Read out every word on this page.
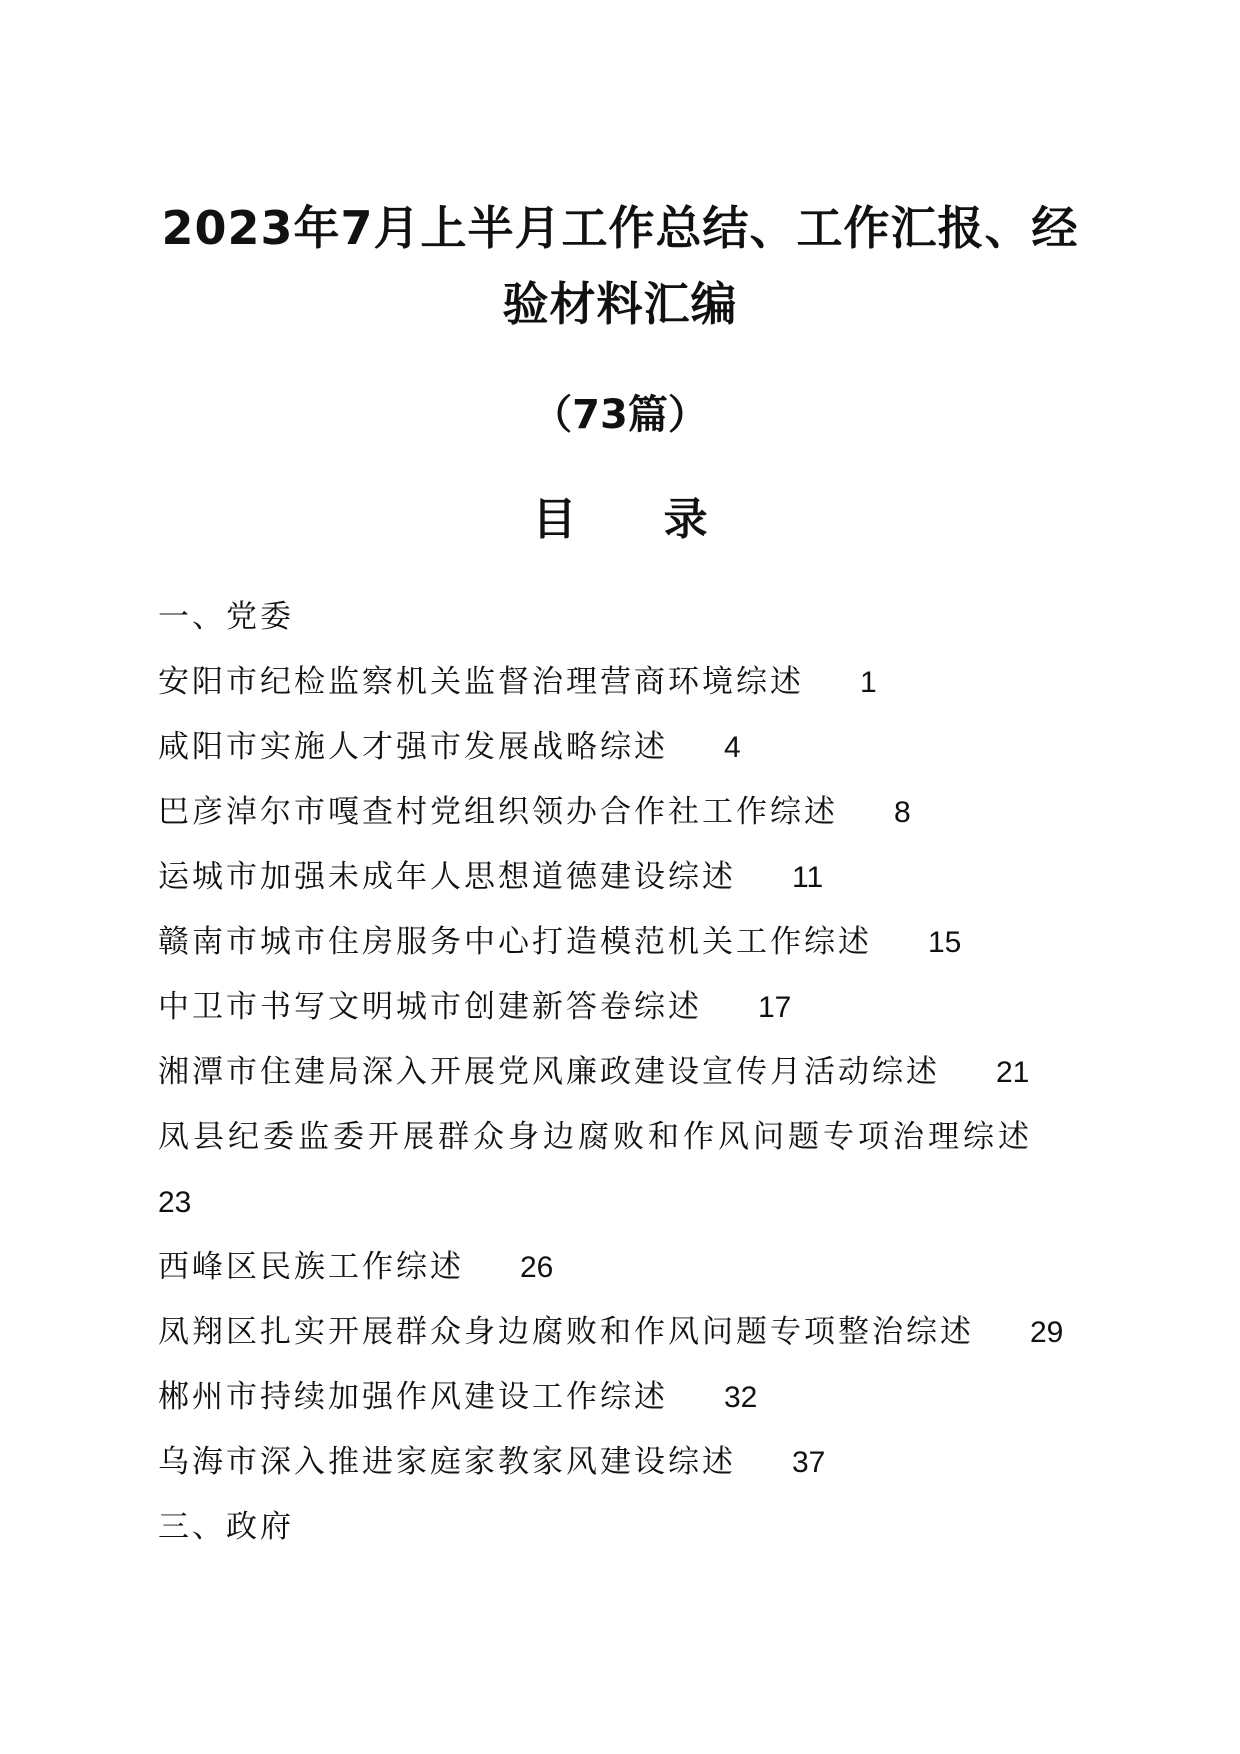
2023年7月上半月工作总结、工作汇报、经
验材料汇编
（73篇）
目 录
一、党委
安阳市纪检监察机关监督治理营商环境综述 1
咸阳市实施人才强市发展战略综述 4
巴彦淖尔市嘎查村党组织领办合作社工作综述 8
运城市加强未成年人思想道德建设综述 11
赣南市城市住房服务中心打造模范机关工作综述 15
中卫市书写文明城市创建新答卷综述 17
湘潭市住建局深入开展党风廉政建设宣传月活动综述 21
凤县纪委监委开展群众身边腐败和作风问题专项治理综述
23
西峰区民族工作综述 26
凤翔区扎实开展群众身边腐败和作风问题专项整治综述 29
郴州市持续加强作风建设工作综述 32
乌海市深入推进家庭家教家风建设综述 37
三、政府
